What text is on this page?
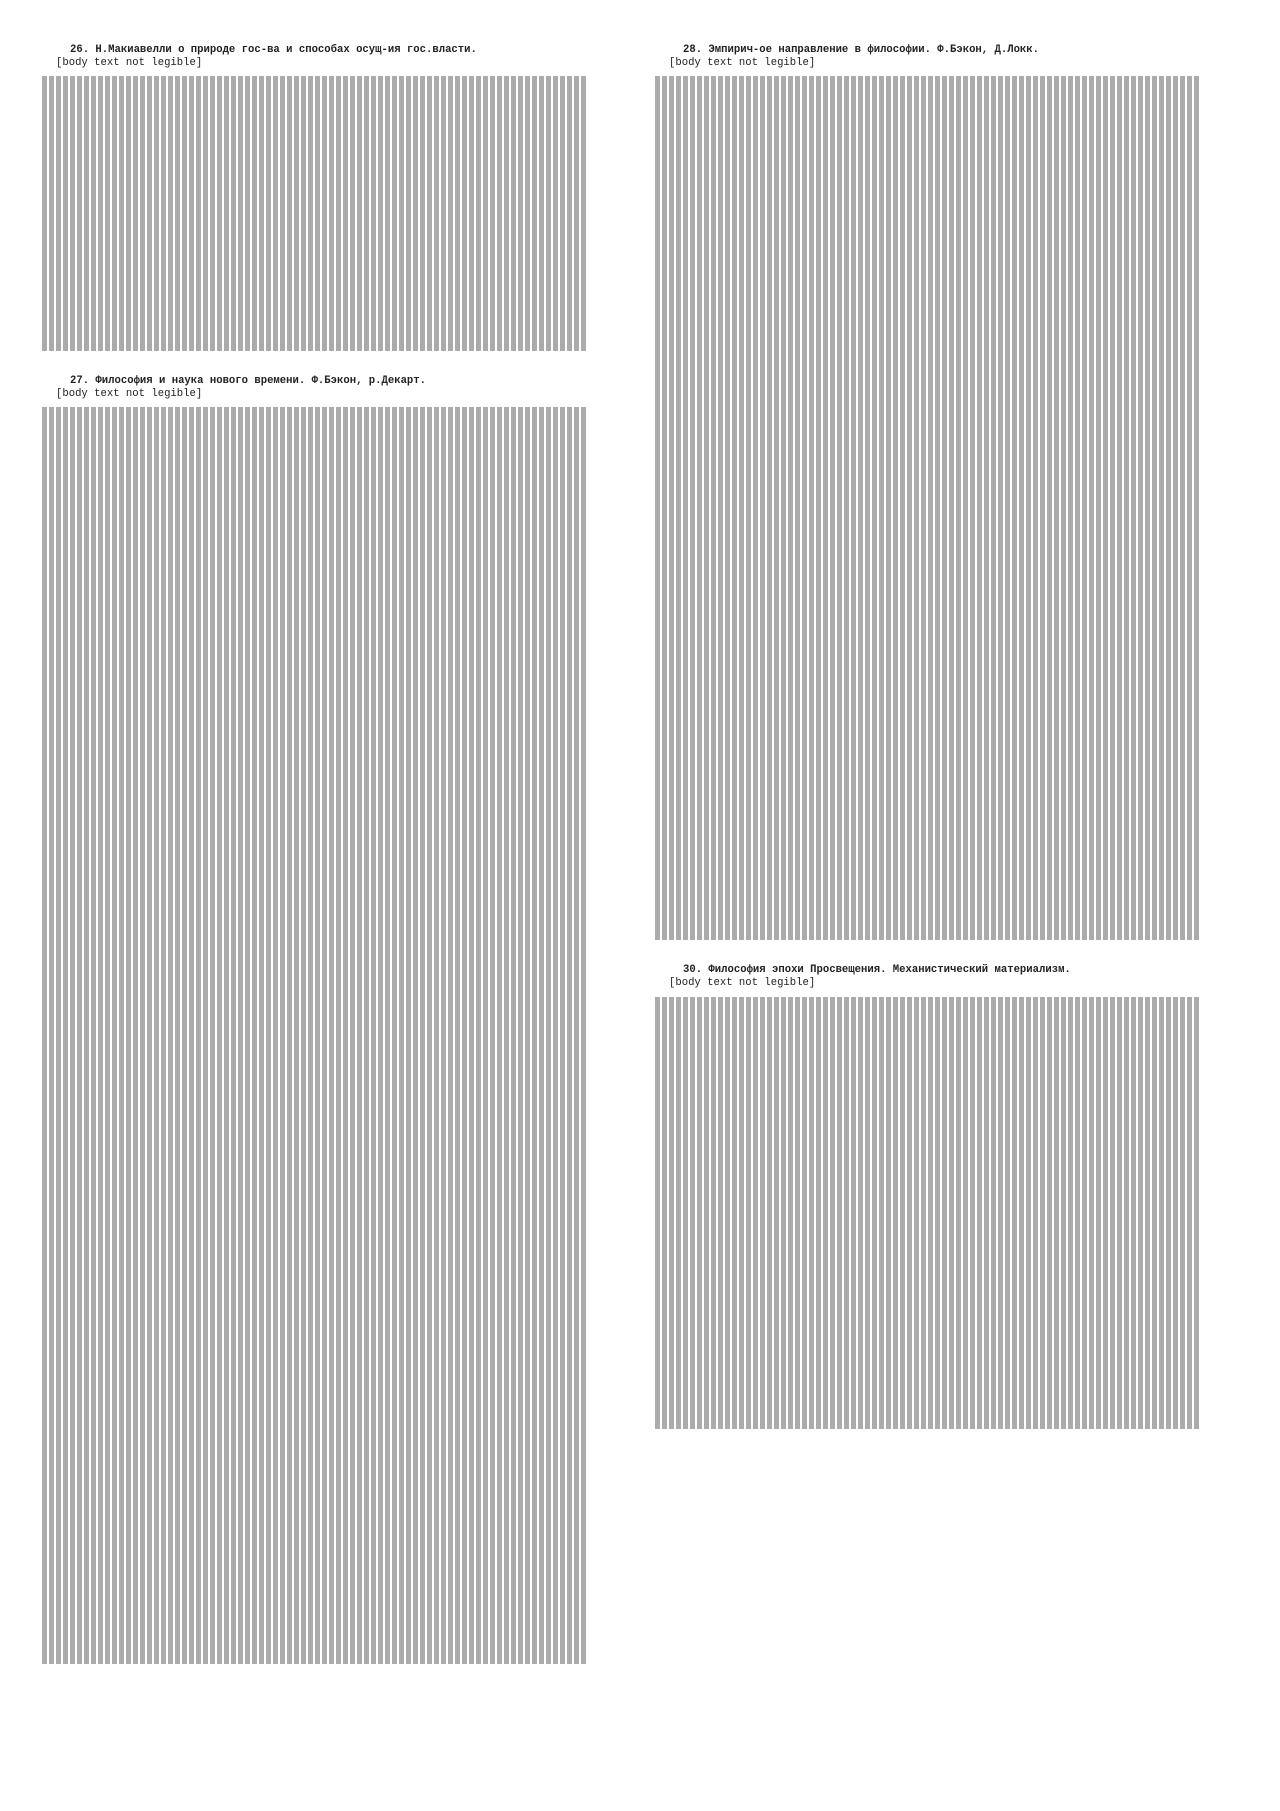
26. Н.Макиавелли о природе гос-ва и способах осущ-ия гос.власти.

[body text not legible]

27. Философия и наука нового времени. Ф.Бэкон, р.Декарт.

[body text not legible]

28. Эмпирич-ое направление в философии. Ф.Бэкон, Д.Локк.

[body text not legible]

30. Философия эпохи Просвещения. Механистический материализм.

[body text not legible]
